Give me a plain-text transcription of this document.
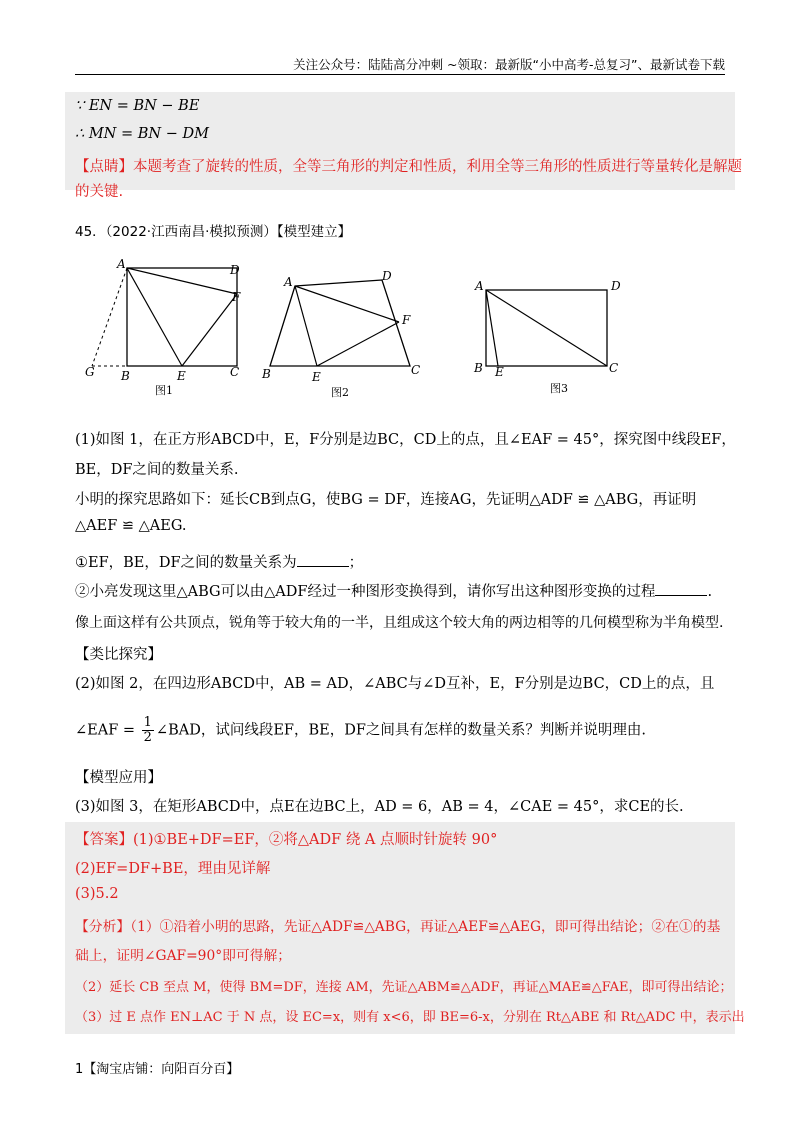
关注公众号：陆陆高分冲刺 ~领取：最新版“小中高考-总复习”、最新试卷下载
∵ EN = BN − BE
∴ MN = BN − DM
【点睛】本题考查了旋转的性质，全等三角形的判定和性质，利用全等三角形的性质进行等量转化是解题
的关键.
45．（2022·江西南昌·模拟预测）【模型建立】
A	D
F
G B	E	C
图1
A	D
F
B	E	C
图2
A	D
B E	C
图3
(1)如图 1，在正方形ABCD中，E，F分别是边BC，CD上的点，且∠EAF = 45°，探究图中线段EF，
BE，DF之间的数量关系.
小明的探究思路如下：延长CB到点G，使BG = DF，连接AG，先证明△ADF ≌ △ABG，再证明
△AEF ≌ △AEG.
①EF，BE，DF之间的数量关系为	；
②小亮发现这里△ABG可以由△ADF经过一种图形变换得到，请你写出这种图形变换的过程	.
像上面这样有公共顶点，锐角等于较大角的一半，且组成这个较大角的两边相等的几何模型称为半角模型.
【类比探究】
(2)如图 2，在四边形ABCD中，AB = AD，∠ABC与∠D互补，E，F分别是边BC，CD上的点，且
∠EAF = $\frac{1}{2}$ ∠BAD，试问线段EF，BE，DF之间具有怎样的数量关系？判断并说明理由.
【模型应用】
(3)如图 3，在矩形ABCD中，点E在边BC上，AD = 6，AB = 4，∠CAE = 45°，求CE的长.
【答案】(1)①BE+DF=EF，②将△ADF 绕 A 点顺时针旋转 90°
(2)EF=DF+BE，理由见详解
(3)5.2
【分析】（1）①沿着小明的思路，先证△ADF≌△ABG，再证△AEF≌△AEG，即可得出结论；②在①的基
础上，证明∠GAF=90°即可得解；
（2）延长 CB 至点 M，使得 BM=DF，连接 AM，先证△ABM≌△ADF，再证△MAE≌△FAE，即可得出结论；
（3）过 E 点作 EN⊥AC 于 N 点，设 EC=x，则有 x<6，即 BE=6-x，分别在 Rt△ABE 和 Rt△ADC 中，表示出
1【淘宝店铺：向阳百分百】
